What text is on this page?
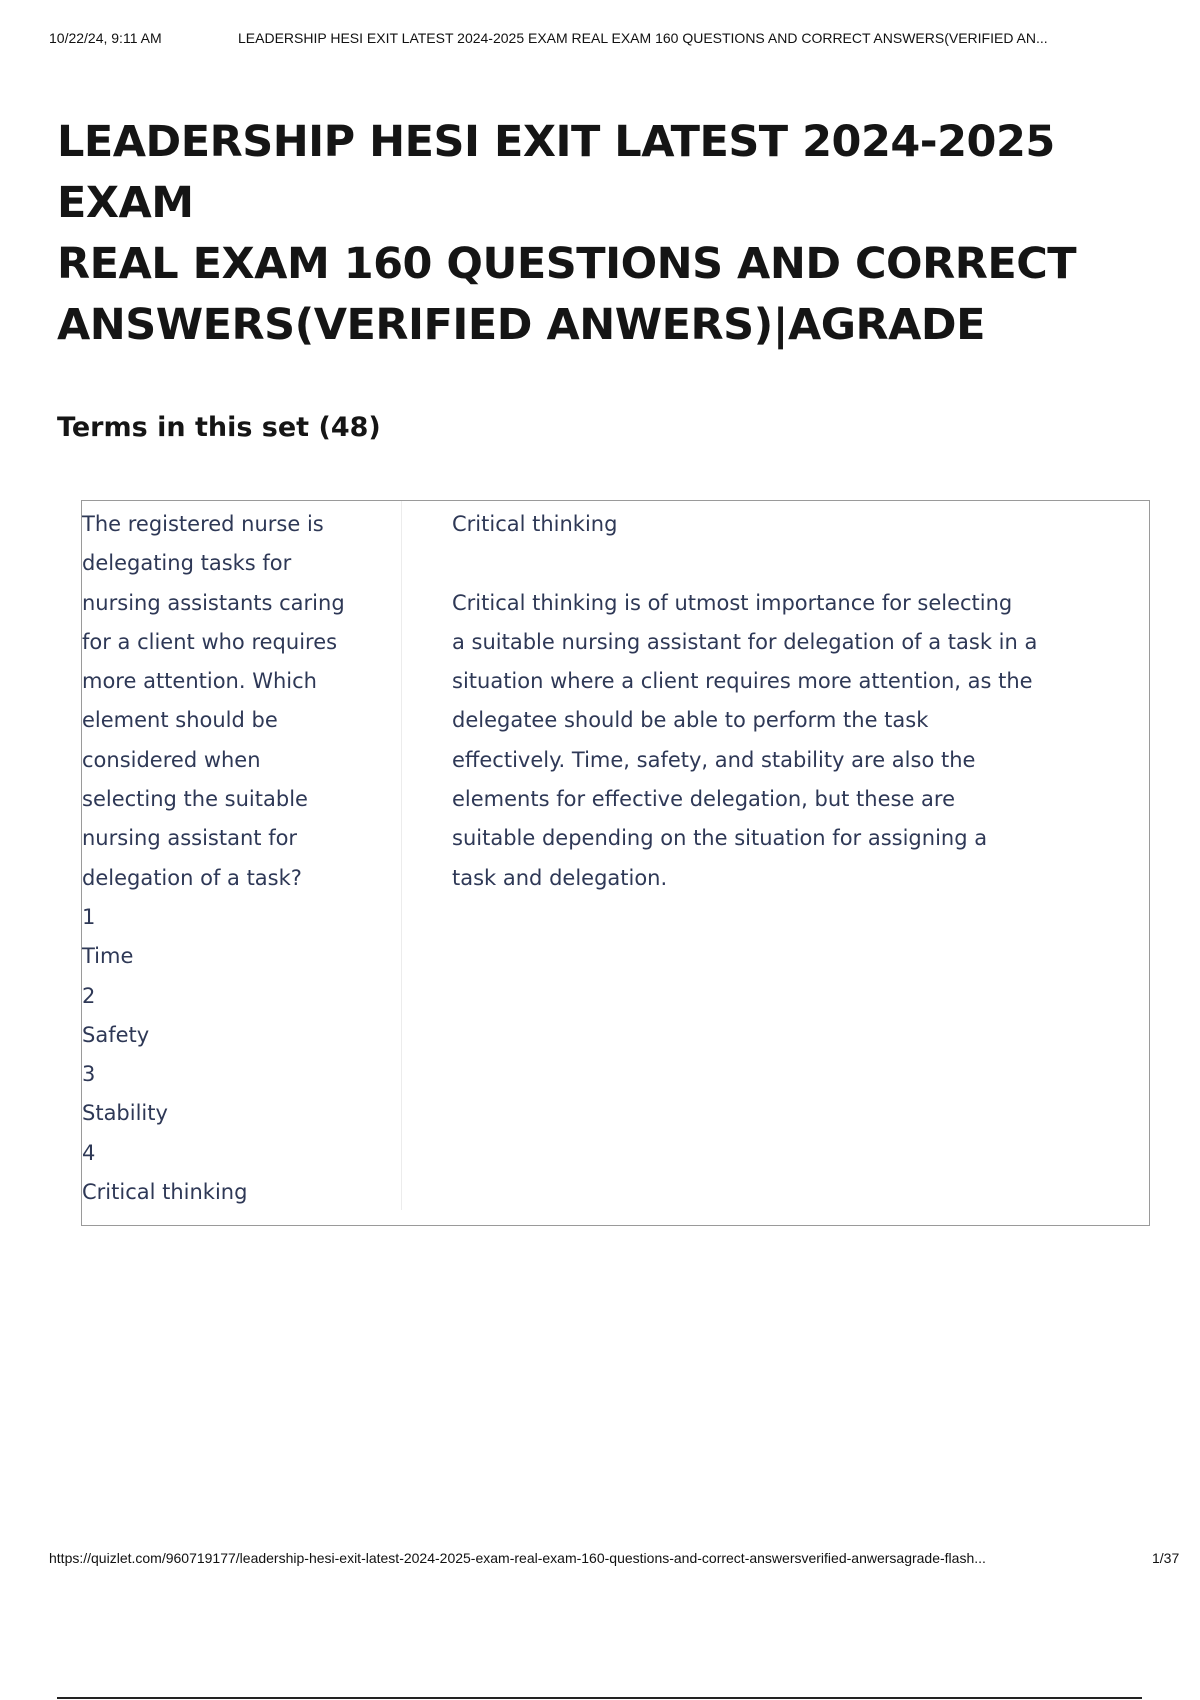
10/22/24, 9:11 AM	LEADERSHIP HESI EXIT LATEST 2024-2025 EXAM REAL EXAM 160 QUESTIONS AND CORRECT ANSWERS(VERIFIED AN...
LEADERSHIP HESI EXIT LATEST 2024-2025 EXAM
REAL EXAM 160 QUESTIONS AND CORRECT
ANSWERS(VERIFIED ANWERS)|AGRADE
Terms in this set (48)
The registered nurse is
delegating tasks for
nursing assistants caring
for a client who requires
more attention. Which
element should be
considered when
selecting the suitable
nursing assistant for
delegation of a task?
1
Time
2
Safety
3
Stability
4
Critical thinking
Critical thinking
Critical thinking is of utmost importance for selecting
a suitable nursing assistant for delegation of a task in a
situation where a client requires more attention, as the
delegatee should be able to perform the task
effectively. Time, safety, and stability are also the
elements for effective delegation, but these are
suitable depending on the situation for assigning a
task and delegation.
https://quizlet.com/960719177/leadership-hesi-exit-latest-2024-2025-exam-real-exam-160-questions-and-correct-answersverified-anwersagrade-flash...	1/37
